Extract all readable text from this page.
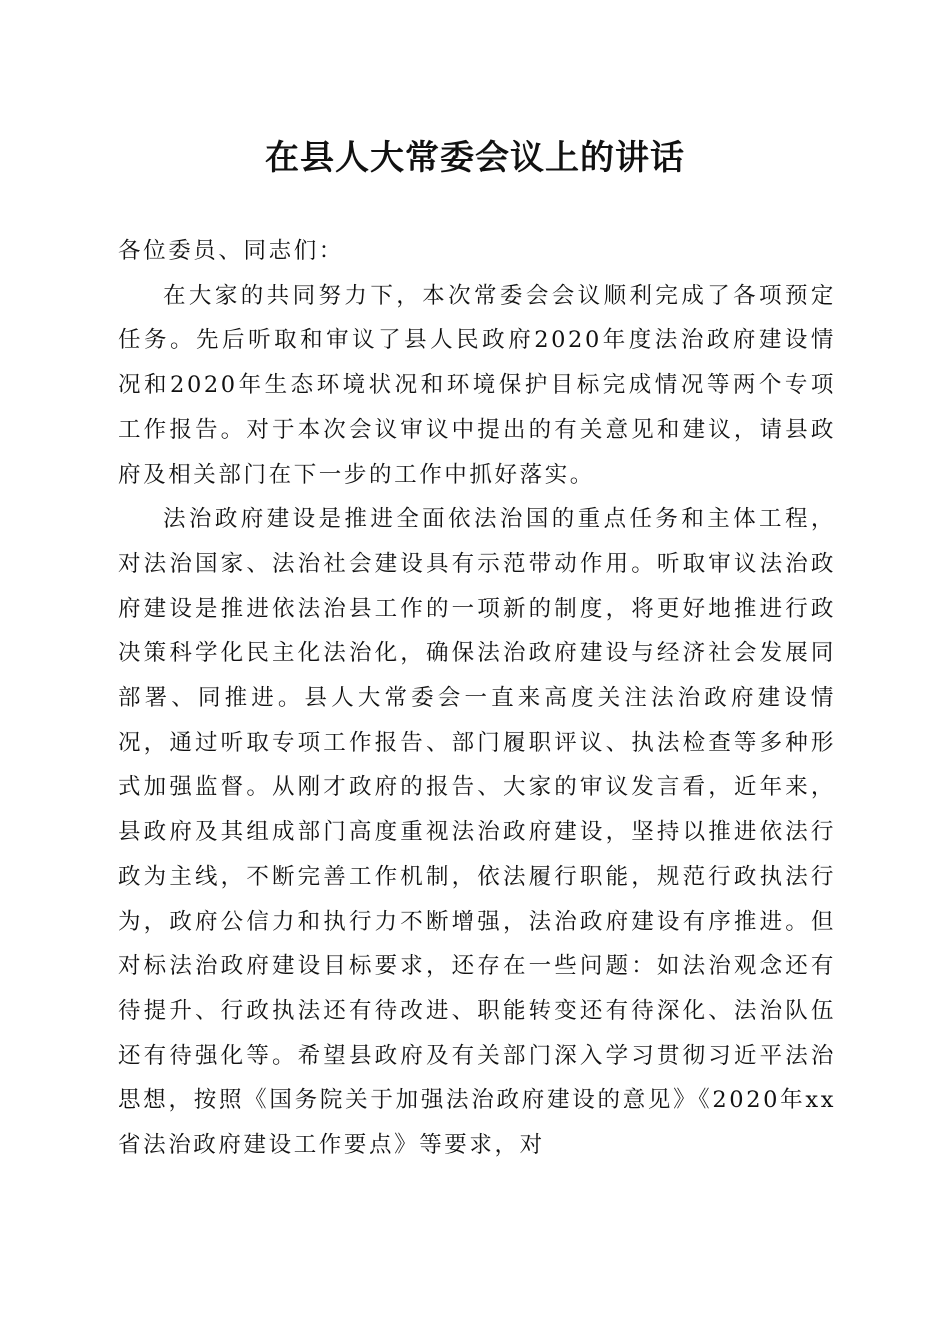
在县人大常委会议上的讲话

各位委员、同志们：

在大家的共同努力下，本次常委会会议顺利完成了各项预定任务。先后听取和审议了县人民政府2020年度法治政府建设情况和2020年生态环境状况和环境保护目标完成情况等两个专项工作报告。对于本次会议审议中提出的有关意见和建议，请县政府及相关部门在下一步的工作中抓好落实。

法治政府建设是推进全面依法治国的重点任务和主体工程，对法治国家、法治社会建设具有示范带动作用。听取审议法治政府建设是推进依法治县工作的一项新的制度，将更好地推进行政决策科学化民主化法治化，确保法治政府建设与经济社会发展同部署、同推进。县人大常委会一直来高度关注法治政府建设情况，通过听取专项工作报告、部门履职评议、执法检查等多种形式加强监督。从刚才政府的报告、大家的审议发言看，近年来，县政府及其组成部门高度重视法治政府建设，坚持以推进依法行政为主线，不断完善工作机制，依法履行职能，规范行政执法行为，政府公信力和执行力不断增强，法治政府建设有序推进。但对标法治政府建设目标要求，还存在一些问题：如法治观念还有待提升、行政执法还有待改进、职能转变还有待深化、法治队伍还有待强化等。希望县政府及有关部门深入学习贯彻习近平法治思想，按照《国务院关于加强法治政府建设的意见》《2020年xx省法治政府建设工作要点》等要求，对
